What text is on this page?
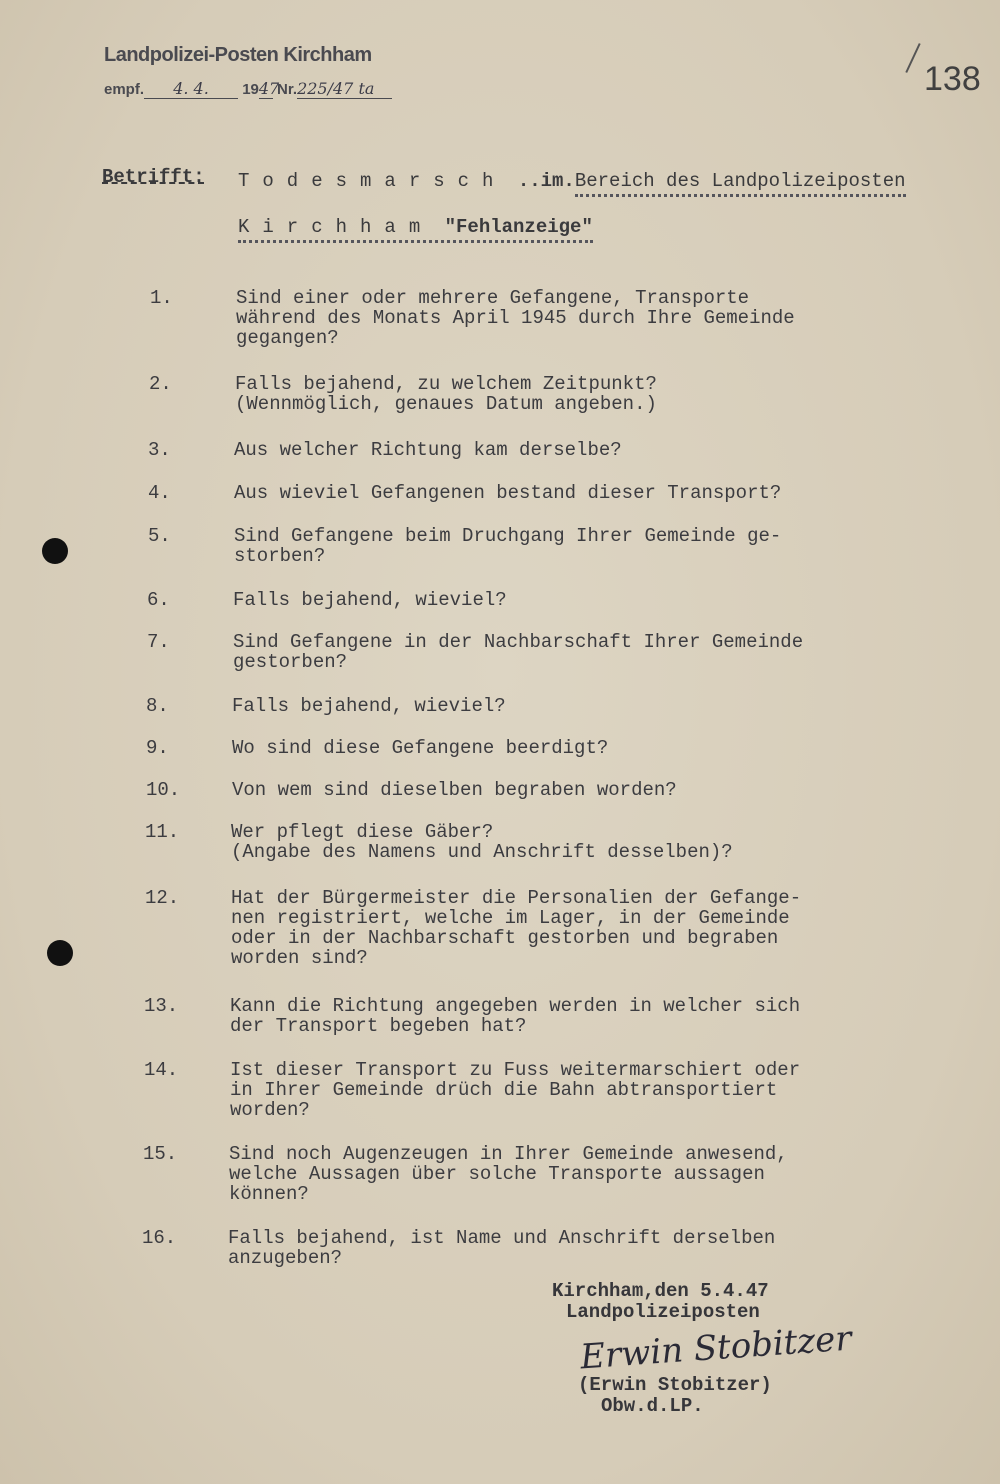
Landpolizei-Posten Kirchham
empf. 4. 4. 1947 Nr.225/47 ta	138
Betrifft: Todesmarsch ..im.Bereich des Landpolizeiposten
Kirchham "Fehlanzeige"

1.

	Sind einer oder mehrere Gefangene, Transporte
während des Monats April 1945 durch Ihre Gemeinde
gegangen?

2.

	Falls bejahend, zu welchem Zeitpunkt?
(Wennmöglich, genaues Datum angeben.)

3.

	Aus welcher Richtung kam derselbe?

4.

	Aus wieviel Gefangenen bestand dieser Transport?

5.

	Sind Gefangene beim Druchgang Ihrer Gemeinde ge-
storben?

6.

	Falls bejahend, wieviel?

7.

	Sind Gefangene in der Nachbarschaft Ihrer Gemeinde
gestorben?

8.

	Falls bejahend, wieviel?

9.

	Wo sind diese Gefangene beerdigt?

10.

	Von wem sind dieselben begraben worden?

11.

	Wer pflegt diese Gäber?
(Angabe des Namens und Anschrift desselben)?

12.

	Hat der Bürgermeister die Personalien der Gefange-
nen registriert, welche im Lager, in der Gemeinde
oder in der Nachbarschaft gestorben und begraben
worden sind?

13.

	Kann die Richtung angegeben werden in welcher sich
der Transport begeben hat?

14.

	Ist dieser Transport zu Fuss weitermarschiert oder
in Ihrer Gemeinde drüch die Bahn abtransportiert
worden?

15.

	Sind noch Augenzeugen in Ihrer Gemeinde anwesend,
welche Aussagen über solche Transporte aussagen
können?

16.

	Falls bejahend, ist Name und Anschrift derselben
anzugeben?

Kirchham,den 5.4.47
Landpolizeiposten
Erwin Stobitzer
(Erwin Stobitzer)
Obw.d.LP.
